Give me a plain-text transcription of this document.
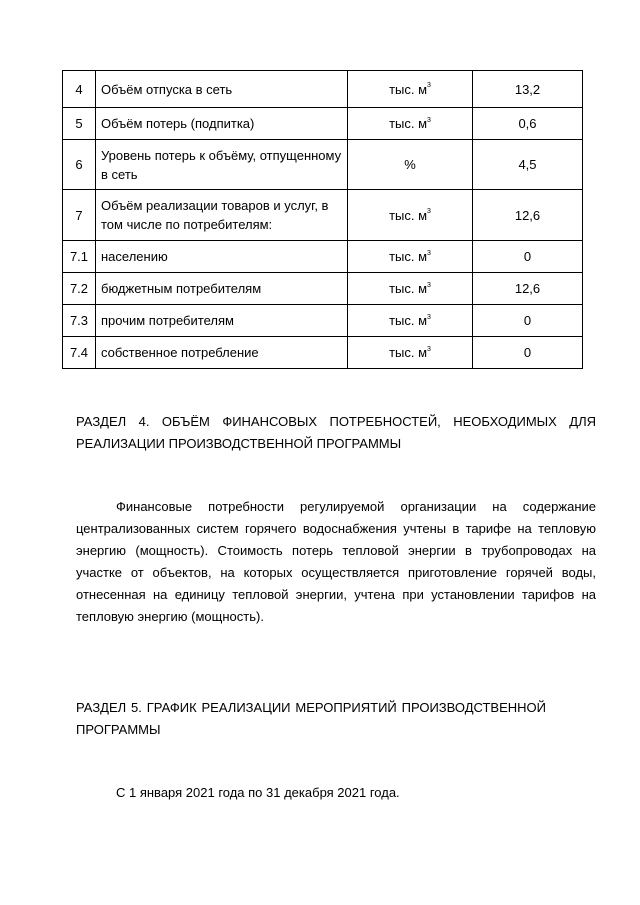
4	Объём отпуска в сеть	тыс. $м^3$	13,2
5	Объём потерь (подпитка)	тыс. $м^3$	0,6
6	Уровень потерь к объёму, отпущенному в сеть	%	4,5
7	Объём реализации товаров и услуг, в том числе по потребителям:	тыс. $м^3$	12,6
7.1	населению	тыс. $м^3$	0
7.2	бюджетным потребителям	тыс. $м^3$	12,6
7.3	прочим потребителям	тыс. $м^3$	0
7.4	собственное потребление	тыс. $м^3$	0

РАЗДЕЛ 4. ОБЪЁМ ФИНАНСОВЫХ ПОТРЕБНОСТЕЙ, НЕОБХОДИМЫХ ДЛЯ
РЕАЛИЗАЦИИ ПРОИЗВОДСТВЕННОЙ ПРОГРАММЫ

Финансовые потребности регулируемой организации на содержание централизованных систем горячего водоснабжения учтены в тарифе на тепловую энергию (мощность). Стоимость потерь тепловой энергии в трубопроводах на участке от объектов, на которых осуществляется приготовление горячей воды, отнесенная на единицу тепловой энергии, учтена при установлении тарифов на тепловую энергию (мощность).

РАЗДЕЛ 5. ГРАФИК РЕАЛИЗАЦИИ МЕРОПРИЯТИЙ ПРОИЗВОДСТВЕННОЙ ПРОГРАММЫ

С 1 января 2021 года по 31 декабря 2021 года.
